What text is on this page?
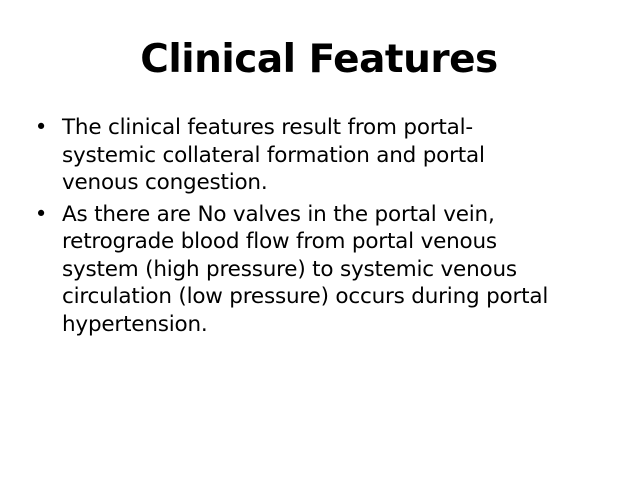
Clinical Features
• The clinical features result from portal-
systemic collateral formation and portal
venous congestion.
• As there are No valves in the portal vein,
retrograde blood flow from portal venous
system (high pressure) to systemic venous
circulation (low pressure) occurs during portal
hypertension.
